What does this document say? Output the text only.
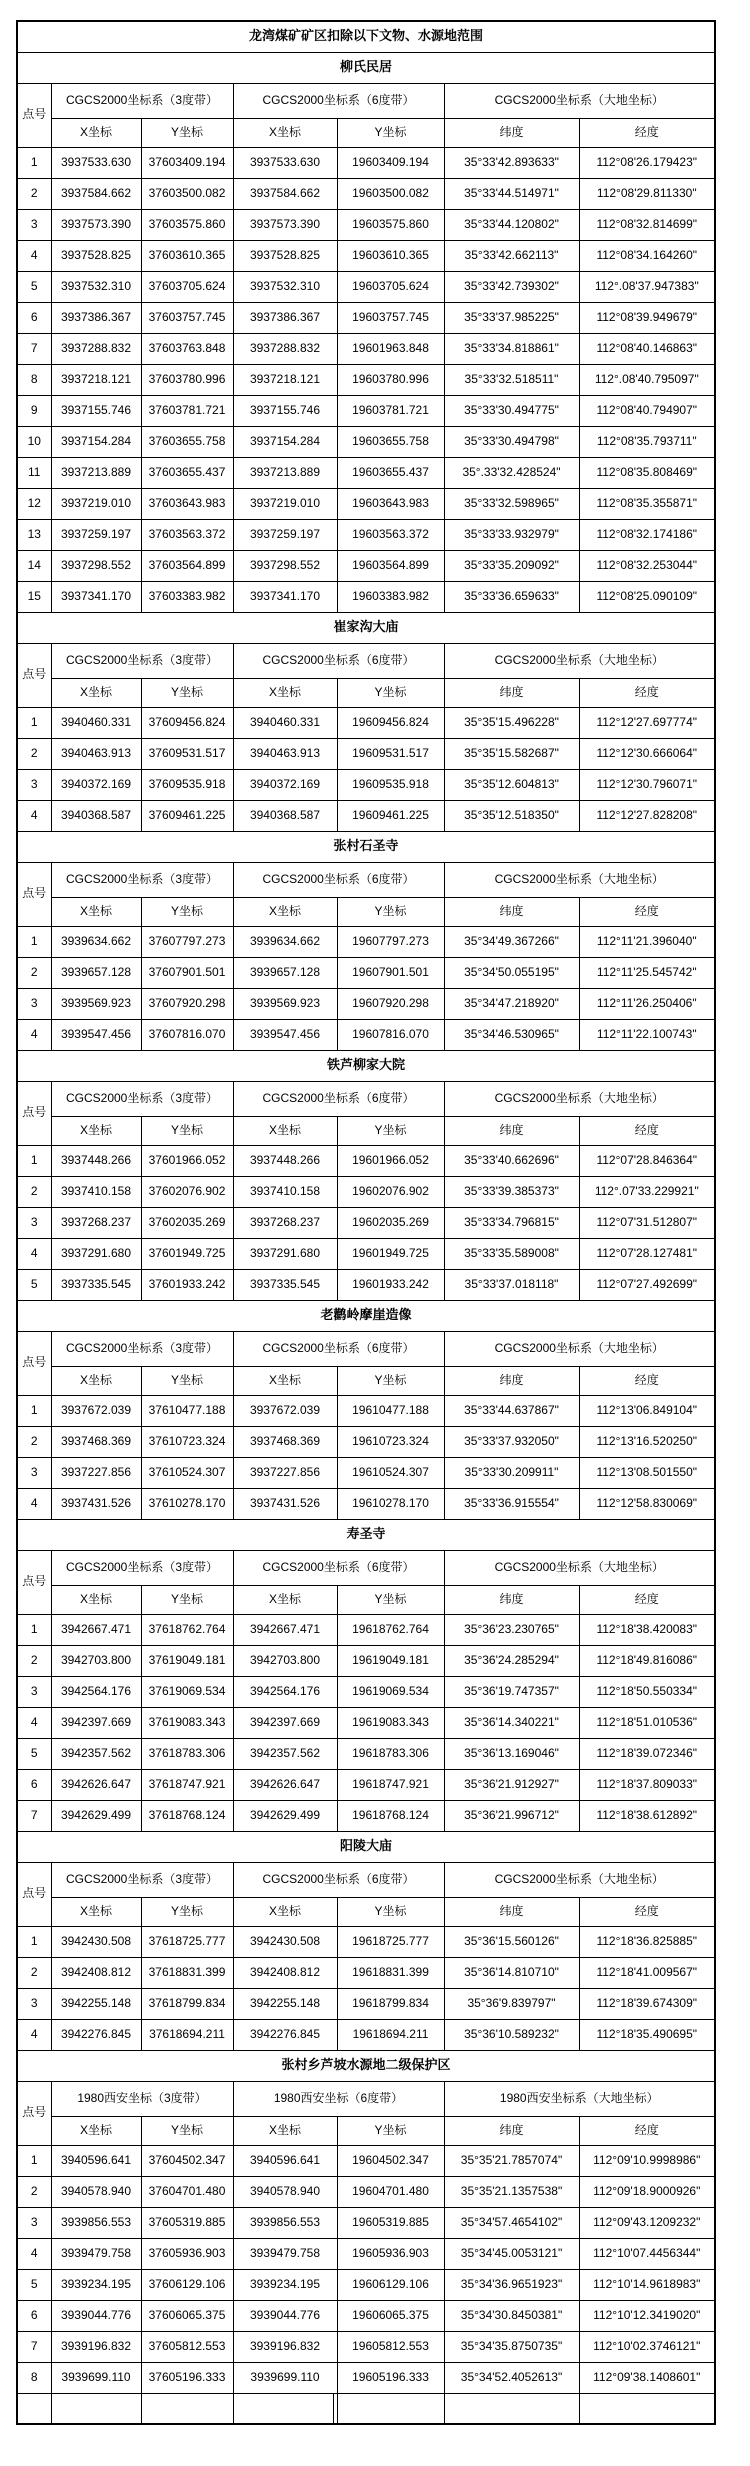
龙湾煤矿矿区扣除以下文物、水源地范围						
柳氏民居						
点号	CGCS2000坐标系（3度带）		CGCS2000坐标系（6度带）		CGCS2000坐标系（大地坐标）	
	X坐标	Y坐标	X坐标	Y坐标	纬度	经度
1	3937533.630	37603409.194	3937533.630	19603409.194	35°33'42.893633"	112°08'26.179423"
2	3937584.662	37603500.082	3937584.662	19603500.082	35°33'44.514971"	112°08'29.811330"
3	3937573.390	37603575.860	3937573.390	19603575.860	35°33'44.120802"	112°08'32.814699"
4	3937528.825	37603610.365	3937528.825	19603610.365	35°33'42.662113"	112°08'34.164260"
5	3937532.310	37603705.624	3937532.310	19603705.624	35°33'42.739302"	112°.08'37.947383"
6	3937386.367	37603757.745	3937386.367	19603757.745	35°33'37.985225"	112°08'39.949679"
7	3937288.832	37603763.848	3937288.832	19601963.848	35°33'34.818861"	112°08'40.146863"
8	3937218.121	37603780.996	3937218.121	19603780.996	35°33'32.518511"	112°.08'40.795097"
9	3937155.746	37603781.721	3937155.746	19603781.721	35°33'30.494775"	112°08'40.794907"
10	3937154.284	37603655.758	3937154.284	19603655.758	35°33'30.494798"	112°08'35.793711"
11	3937213.889	37603655.437	3937213.889	19603655.437	35°.33'32.428524"	112°08'35.808469"
12	3937219.010	37603643.983	3937219.010	19603643.983	35°33'32.598965"	112°08'35.355871"
13	3937259.197	37603563.372	3937259.197	19603563.372	35°33'33.932979"	112°08'32.174186"
14	3937298.552	37603564.899	3937298.552	19603564.899	35°33'35.209092"	112°08'32.253044"
15	3937341.170	37603383.982	3937341.170	19603383.982	35°33'36.659633"	112°08'25.090109"
崔家沟大庙						
点号	CGCS2000坐标系（3度带）		CGCS2000坐标系（6度带）		CGCS2000坐标系（大地坐标）	
	X坐标	Y坐标	X坐标	Y坐标	纬度	经度
1	3940460.331	37609456.824	3940460.331	19609456.824	35°35'15.496228"	112°12'27.697774"
2	3940463.913	37609531.517	3940463.913	19609531.517	35°35'15.582687"	112°12'30.666064"
3	3940372.169	37609535.918	3940372.169	19609535.918	35°35'12.604813"	112°12'30.796071"
4	3940368.587	37609461.225	3940368.587	19609461.225	35°35'12.518350"	112°12'27.828208"
张村石圣寺						
点号	CGCS2000坐标系（3度带）		CGCS2000坐标系（6度带）		CGCS2000坐标系（大地坐标）	
	X坐标	Y坐标	X坐标	Y坐标	纬度	经度
1	3939634.662	37607797.273	3939634.662	19607797.273	35°34'49.367266"	112°11'21.396040"
2	3939657.128	37607901.501	3939657.128	19607901.501	35°34'50.055195"	112°11'25.545742"
3	3939569.923	37607920.298	3939569.923	19607920.298	35°34'47.218920"	112°11'26.250406"
4	3939547.456	37607816.070	3939547.456	19607816.070	35°34'46.530965"	112°11'22.100743"
铁芦柳家大院						
点号	CGCS2000坐标系（3度带）		CGCS2000坐标系（6度带）		CGCS2000坐标系（大地坐标）	
	X坐标	Y坐标	X坐标	Y坐标	纬度	经度
1	3937448.266	37601966.052	3937448.266	19601966.052	35°33'40.662696"	112°07'28.846364"
2	3937410.158	37602076.902	3937410.158	19602076.902	35°33'39.385373"	112°.07'33.229921"
3	3937268.237	37602035.269	3937268.237	19602035.269	35°33'34.796815"	112°07'31.512807"
4	3937291.680	37601949.725	3937291.680	19601949.725	35°33'35.589008"	112°07'28.127481"
5	3937335.545	37601933.242	3937335.545	19601933.242	35°33'37.018118"	112°07'27.492699"
老鹳岭摩崖造像						
点号	CGCS2000坐标系（3度带）		CGCS2000坐标系（6度带）		CGCS2000坐标系（大地坐标）	
	X坐标	Y坐标	X坐标	Y坐标	纬度	经度
1	3937672.039	37610477.188	3937672.039	19610477.188	35°33'44.637867"	112°13'06.849104"
2	3937468.369	37610723.324	3937468.369	19610723.324	35°33'37.932050"	112°13'16.520250"
3	3937227.856	37610524.307	3937227.856	19610524.307	35°33'30.209911"	112°13'08.501550"
4	3937431.526	37610278.170	3937431.526	19610278.170	35°33'36.915554"	112°12'58.830069"
寿圣寺						
点号	CGCS2000坐标系（3度带）		CGCS2000坐标系（6度带）		CGCS2000坐标系（大地坐标）	
	X坐标	Y坐标	X坐标	Y坐标	纬度	经度
1	3942667.471	37618762.764	3942667.471	19618762.764	35°36'23.230765"	112°18'38.420083"
2	3942703.800	37619049.181	3942703.800	19619049.181	35°36'24.285294"	112°18'49.816086"
3	3942564.176	37619069.534	3942564.176	19619069.534	35°36'19.747357"	112°18'50.550334"
4	3942397.669	37619083.343	3942397.669	19619083.343	35°36'14.340221"	112°18'51.010536"
5	3942357.562	37618783.306	3942357.562	19618783.306	35°36'13.169046"	112°18'39.072346"
6	3942626.647	37618747.921	3942626.647	19618747.921	35°36'21.912927"	112°18'37.809033"
7	3942629.499	37618768.124	3942629.499	19618768.124	35°36'21.996712"	112°18'38.612892"
阳陵大庙						
点号	CGCS2000坐标系（3度带）		CGCS2000坐标系（6度带）		CGCS2000坐标系（大地坐标）	
	X坐标	Y坐标	X坐标	Y坐标	纬度	经度
1	3942430.508	37618725.777	3942430.508	19618725.777	35°36'15.560126"	112°18'36.825885"
2	3942408.812	37618831.399	3942408.812	19618831.399	35°36'14.810710"	112°18'41.009567"
3	3942255.148	37618799.834	3942255.148	19618799.834	35°36'9.839797"	112°18'39.674309"
4	3942276.845	37618694.211	3942276.845	19618694.211	35°36'10.589232"	112°18'35.490695"
张村乡芦坡水源地二级保护区						
点号	1980西安坐标（3度带）		1980西安坐标（6度带）		1980西安坐标系（大地坐标）	
	X坐标	Y坐标	X坐标	Y坐标	纬度	经度
1	3940596.641	37604502.347	3940596.641	19604502.347	35°35'21.7857074"	112°09'10.9998986"
2	3940578.940	37604701.480	3940578.940	19604701.480	35°35'21.1357538"	112°09'18.9000926"
3	3939856.553	37605319.885	3939856.553	19605319.885	35°34'57.4654102"	112°09'43.1209232"
4	3939479.758	37605936.903	3939479.758	19605936.903	35°34'45.0053121"	112°10'07.4456344"
5	3939234.195	37606129.106	3939234.195	19606129.106	35°34'36.9651923"	112°10'14.9618983"
6	3939044.776	37606065.375	3939044.776	19606065.375	35°34'30.8450381"	112°10'12.3419020"
7	3939196.832	37605812.553	3939196.832	19605812.553	35°34'35.8750735"	112°10'02.3746121"
8	3939699.110	37605196.333	3939699.110	19605196.333	35°34'52.4052613"	112°09'38.1408601"
